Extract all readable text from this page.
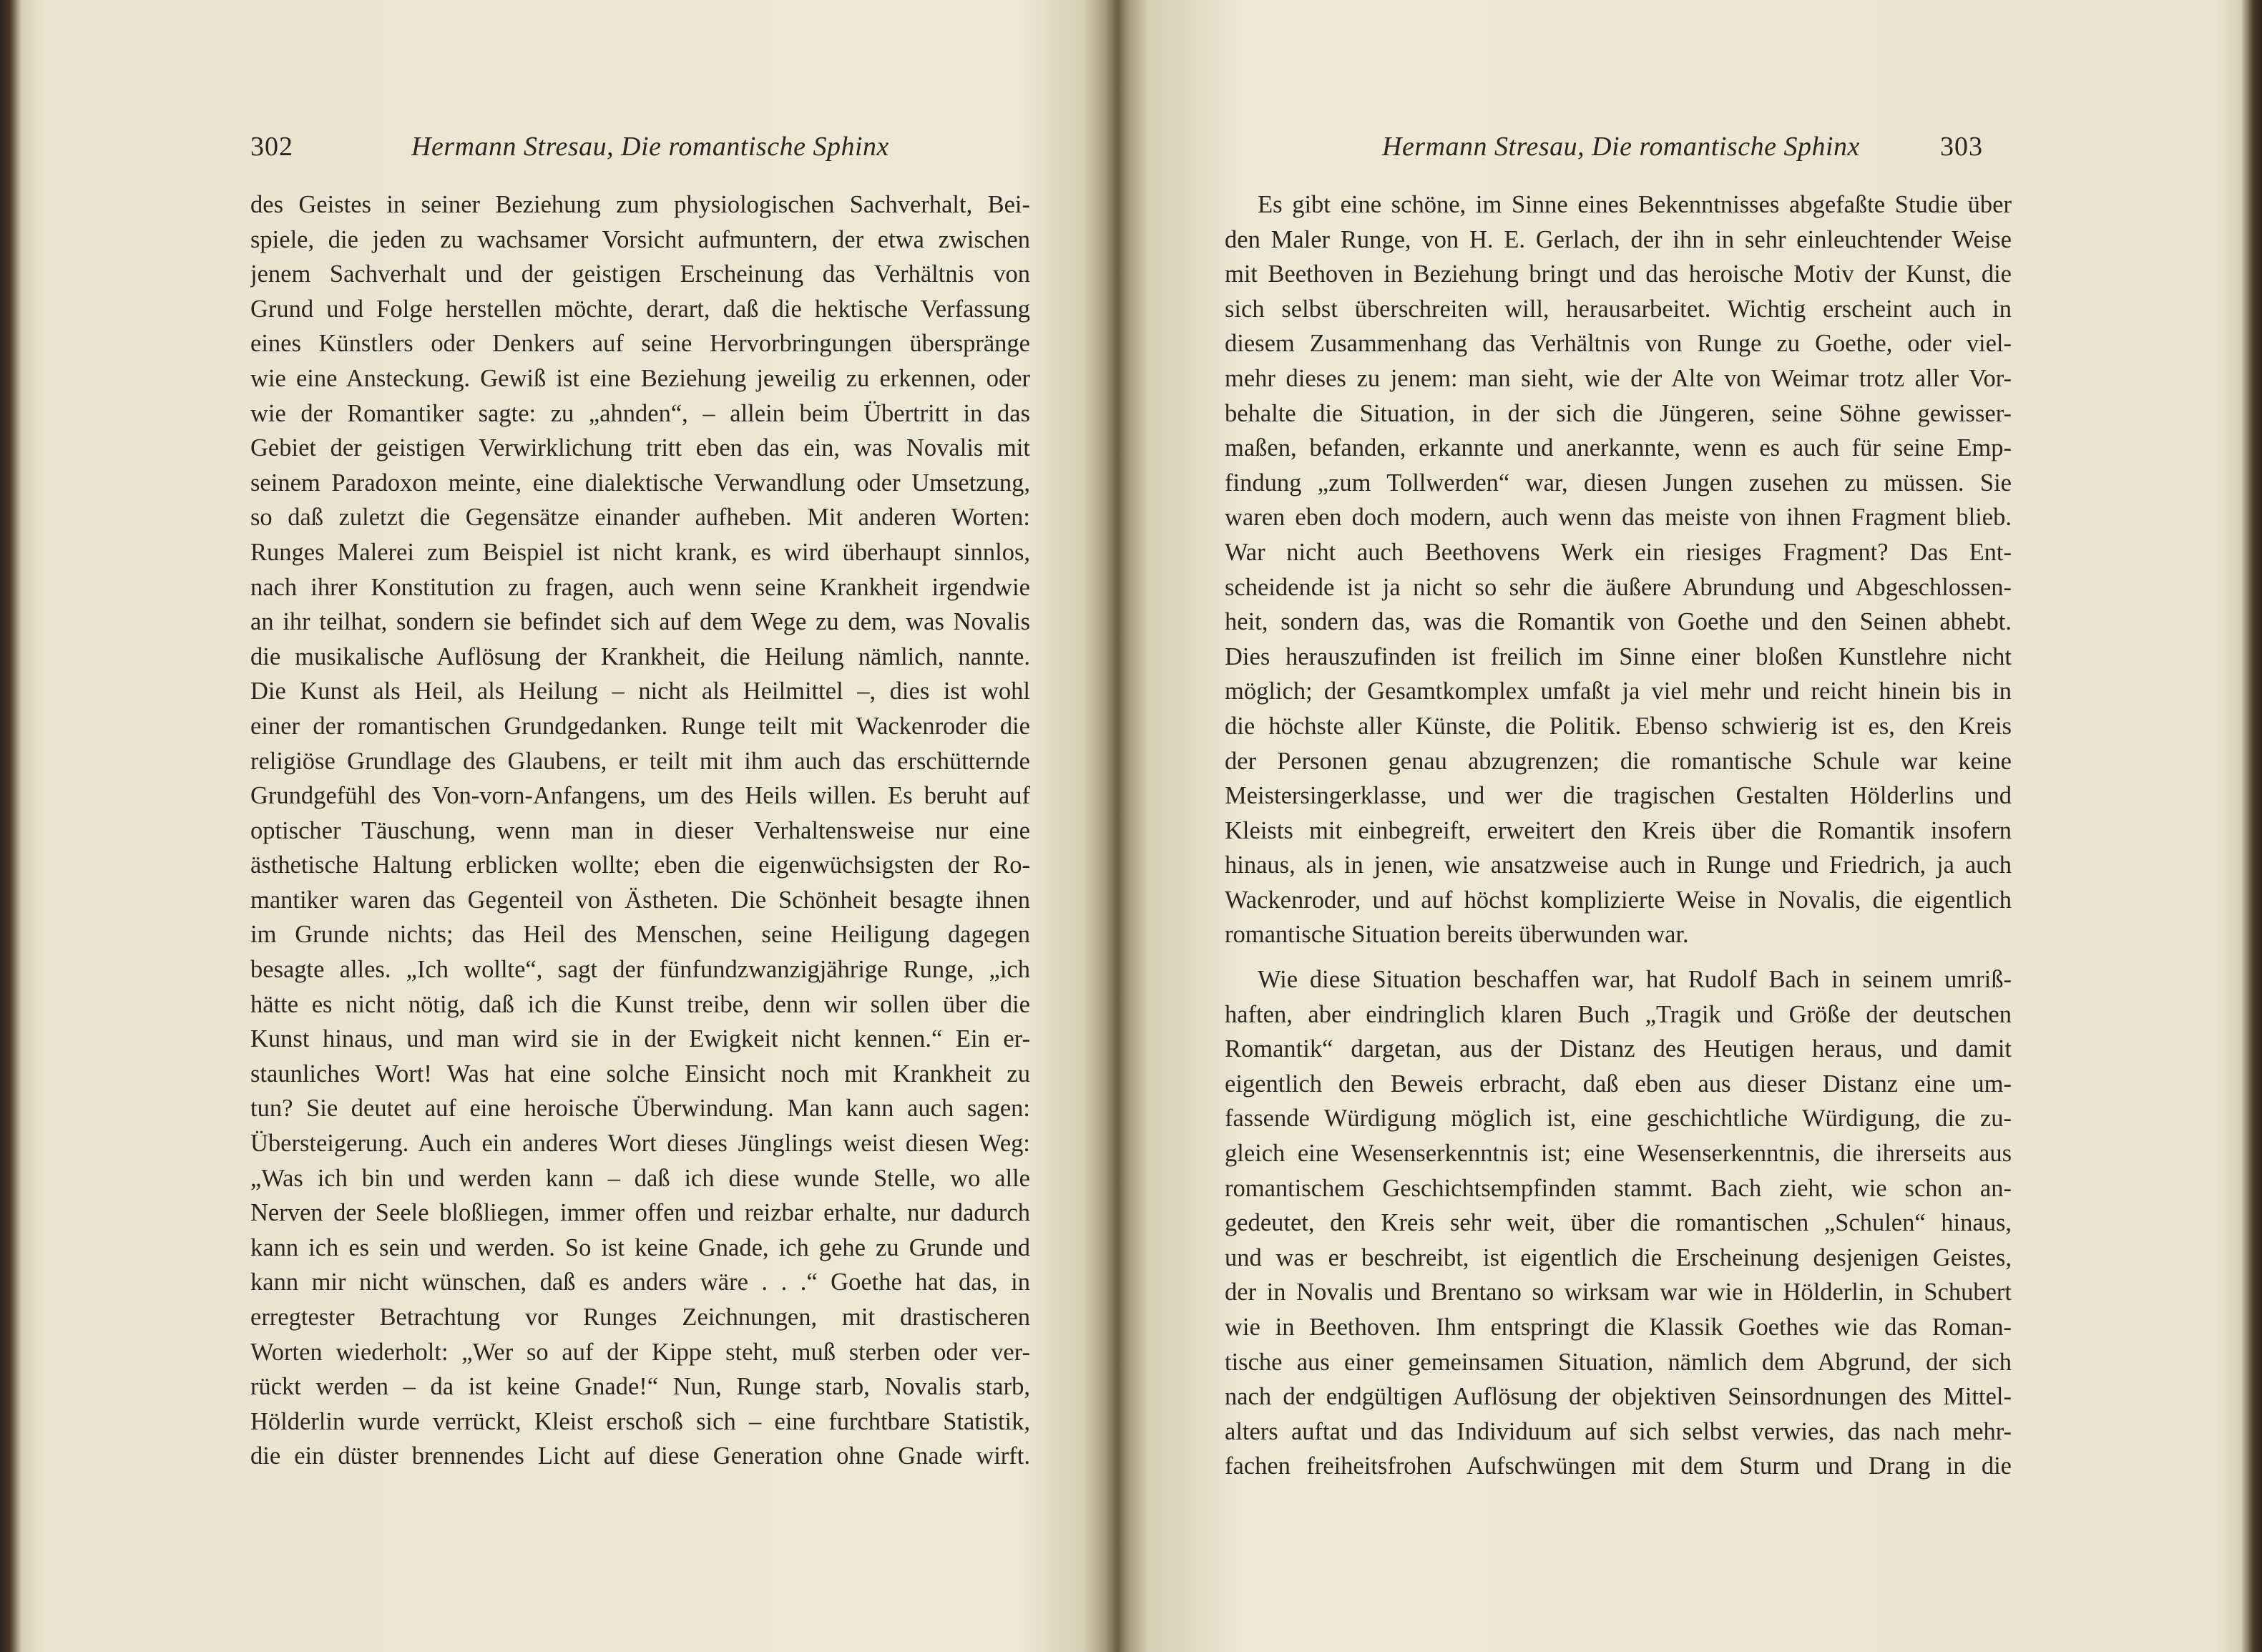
302	Hermann Stresau, Die romantische Sphinx
des Geistes in seiner Beziehung zum physiologischen Sachverhalt, Bei-
spiele, die jeden zu wachsamer Vorsicht aufmuntern, der etwa zwischen
jenem Sachverhalt und der geistigen Erscheinung das Verhältnis von
Grund und Folge herstellen möchte, derart, daß die hektische Verfassung
eines Künstlers oder Denkers auf seine Hervorbringungen überspränge
wie eine Ansteckung. Gewiß ist eine Beziehung jeweilig zu erkennen, oder
wie der Romantiker sagte: zu „ahnden“, – allein beim Übertritt in das
Gebiet der geistigen Verwirklichung tritt eben das ein, was Novalis mit
seinem Paradoxon meinte, eine dialektische Verwandlung oder Umsetzung,
so daß zuletzt die Gegensätze einander aufheben. Mit anderen Worten:
Runges Malerei zum Beispiel ist nicht krank, es wird überhaupt sinnlos,
nach ihrer Konstitution zu fragen, auch wenn seine Krankheit irgendwie
an ihr teilhat, sondern sie befindet sich auf dem Wege zu dem, was Novalis
die musikalische Auflösung der Krankheit, die Heilung nämlich, nannte.
Die Kunst als Heil, als Heilung – nicht als Heilmittel –, dies ist wohl
einer der romantischen Grundgedanken. Runge teilt mit Wackenroder die
religiöse Grundlage des Glaubens, er teilt mit ihm auch das erschütternde
Grundgefühl des Von-vorn-Anfangens, um des Heils willen. Es beruht auf
optischer Täuschung, wenn man in dieser Verhaltensweise nur eine
ästhetische Haltung erblicken wollte; eben die eigenwüchsigsten der Ro-
mantiker waren das Gegenteil von Ästheten. Die Schönheit besagte ihnen
im Grunde nichts; das Heil des Menschen, seine Heiligung dagegen
besagte alles. „Ich wollte“, sagt der fünfundzwanzigjährige Runge, „ich
hätte es nicht nötig, daß ich die Kunst treibe, denn wir sollen über die
Kunst hinaus, und man wird sie in der Ewigkeit nicht kennen.“ Ein er-
staunliches Wort! Was hat eine solche Einsicht noch mit Krankheit zu
tun? Sie deutet auf eine heroische Überwindung. Man kann auch sagen:
Übersteigerung. Auch ein anderes Wort dieses Jünglings weist diesen Weg:
„Was ich bin und werden kann – daß ich diese wunde Stelle, wo alle
Nerven der Seele bloßliegen, immer offen und reizbar erhalte, nur dadurch
kann ich es sein und werden. So ist keine Gnade, ich gehe zu Grunde und
kann mir nicht wünschen, daß es anders wäre . . .“ Goethe hat das, in
erregtester Betrachtung vor Runges Zeichnungen, mit drastischeren
Worten wiederholt: „Wer so auf der Kippe steht, muß sterben oder ver-
rückt werden – da ist keine Gnade!“ Nun, Runge starb, Novalis starb,
Hölderlin wurde verrückt, Kleist erschoß sich – eine furchtbare Statistik,
die ein düster brennendes Licht auf diese Generation ohne Gnade wirft.
Hermann Stresau, Die romantische Sphinx	303
Es gibt eine schöne, im Sinne eines Bekenntnisses abgefaßte Studie über
den Maler Runge, von H. E. Gerlach, der ihn in sehr einleuchtender Weise
mit Beethoven in Beziehung bringt und das heroische Motiv der Kunst, die
sich selbst überschreiten will, herausarbeitet. Wichtig erscheint auch in
diesem Zusammenhang das Verhältnis von Runge zu Goethe, oder viel-
mehr dieses zu jenem: man sieht, wie der Alte von Weimar trotz aller Vor-
behalte die Situation, in der sich die Jüngeren, seine Söhne gewisser-
maßen, befanden, erkannte und anerkannte, wenn es auch für seine Emp-
findung „zum Tollwerden“ war, diesen Jungen zusehen zu müssen. Sie
waren eben doch modern, auch wenn das meiste von ihnen Fragment blieb.
War nicht auch Beethovens Werk ein riesiges Fragment? Das Ent-
scheidende ist ja nicht so sehr die äußere Abrundung und Abgeschlossen-
heit, sondern das, was die Romantik von Goethe und den Seinen abhebt.
Dies herauszufinden ist freilich im Sinne einer bloßen Kunstlehre nicht
möglich; der Gesamtkomplex umfaßt ja viel mehr und reicht hinein bis in
die höchste aller Künste, die Politik. Ebenso schwierig ist es, den Kreis
der Personen genau abzugrenzen; die romantische Schule war keine
Meistersingerklasse, und wer die tragischen Gestalten Hölderlins und
Kleists mit einbegreift, erweitert den Kreis über die Romantik insofern
hinaus, als in jenen, wie ansatzweise auch in Runge und Friedrich, ja auch
Wackenroder, und auf höchst komplizierte Weise in Novalis, die eigentlich
romantische Situation bereits überwunden war.
Wie diese Situation beschaffen war, hat Rudolf Bach in seinem umriß-
haften, aber eindringlich klaren Buch „Tragik und Größe der deutschen
Romantik“ dargetan, aus der Distanz des Heutigen heraus, und damit
eigentlich den Beweis erbracht, daß eben aus dieser Distanz eine um-
fassende Würdigung möglich ist, eine geschichtliche Würdigung, die zu-
gleich eine Wesenserkenntnis ist; eine Wesenserkenntnis, die ihrerseits aus
romantischem Geschichtsempfinden stammt. Bach zieht, wie schon an-
gedeutet, den Kreis sehr weit, über die romantischen „Schulen“ hinaus,
und was er beschreibt, ist eigentlich die Erscheinung desjenigen Geistes,
der in Novalis und Brentano so wirksam war wie in Hölderlin, in Schubert
wie in Beethoven. Ihm entspringt die Klassik Goethes wie das Roman-
tische aus einer gemeinsamen Situation, nämlich dem Abgrund, der sich
nach der endgültigen Auflösung der objektiven Seinsordnungen des Mittel-
alters auftat und das Individuum auf sich selbst verwies, das nach mehr-
fachen freiheitsfrohen Aufschwüngen mit dem Sturm und Drang in die
